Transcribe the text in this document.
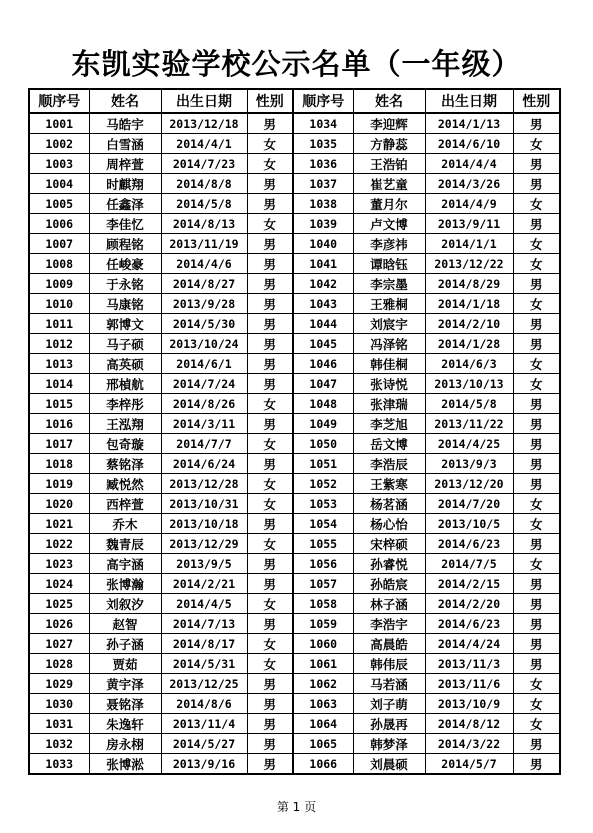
东凯实验学校公示名单（一年级）
顺序号	姓名	出生日期	性别	顺序号	姓名	出生日期	性别
1001	马皓宇	2013/12/18	男	1034	李迎辉	2014/1/13	男
1002	白雪涵	2014/4/1	女	1035	方静蕊	2014/6/10	女
1003	周梓萱	2014/7/23	女	1036	王浩铂	2014/4/4	男
1004	时麒翔	2014/8/8	男	1037	崔艺童	2014/3/26	男
1005	任鑫泽	2014/5/8	男	1038	董月尔	2014/4/9	女
1006	李佳忆	2014/8/13	女	1039	卢文博	2013/9/11	男
1007	顾程铭	2013/11/19	男	1040	李彦祎	2014/1/1	女
1008	任峻豪	2014/4/6	男	1041	谭晗钰	2013/12/22	女
1009	于永铭	2014/8/27	男	1042	李宗墨	2014/8/29	男
1010	马康铭	2013/9/28	男	1043	王雅桐	2014/1/18	女
1011	郭博文	2014/5/30	男	1044	刘宸宇	2014/2/10	男
1012	马子硕	2013/10/24	男	1045	冯泽铭	2014/1/28	男
1013	高英硕	2014/6/1	男	1046	韩佳桐	2014/6/3	女
1014	邢楨航	2014/7/24	男	1047	张诗悦	2013/10/13	女
1015	李梓彤	2014/8/26	女	1048	张津瑞	2014/5/8	男
1016	王泓翔	2014/3/11	男	1049	李芝旭	2013/11/22	男
1017	包奇璇	2014/7/7	女	1050	岳文博	2014/4/25	男
1018	蔡铭泽	2014/6/24	男	1051	李浩辰	2013/9/3	男
1019	臧悦然	2013/12/28	女	1052	王紫寒	2013/12/20	男
1020	西梓萱	2013/10/31	女	1053	杨茗涵	2014/7/20	女
1021	乔木	2013/10/18	男	1054	杨心怡	2013/10/5	女
1022	魏青辰	2013/12/29	女	1055	宋梓硕	2014/6/23	男
1023	高宇涵	2013/9/5	男	1056	孙睿悦	2014/7/5	女
1024	张博瀚	2014/2/21	男	1057	孙皓宸	2014/2/15	男
1025	刘叙汐	2014/4/5	女	1058	林子涵	2014/2/20	男
1026	赵智	2014/7/13	男	1059	李浩宇	2014/6/23	男
1027	孙子涵	2014/8/17	女	1060	高晨皓	2014/4/24	男
1028	贾茹	2014/5/31	女	1061	韩伟辰	2013/11/3	男
1029	黄宇泽	2013/12/25	男	1062	马若涵	2013/11/6	女
1030	聂铭泽	2014/8/6	男	1063	刘子萌	2013/10/9	女
1031	朱逸轩	2013/11/4	男	1064	孙晟再	2014/8/12	女
1032	房永栩	2014/5/27	男	1065	韩梦泽	2014/3/22	男
1033	张博淞	2013/9/16	男	1066	刘晨硕	2014/5/7	男
第 1 页
